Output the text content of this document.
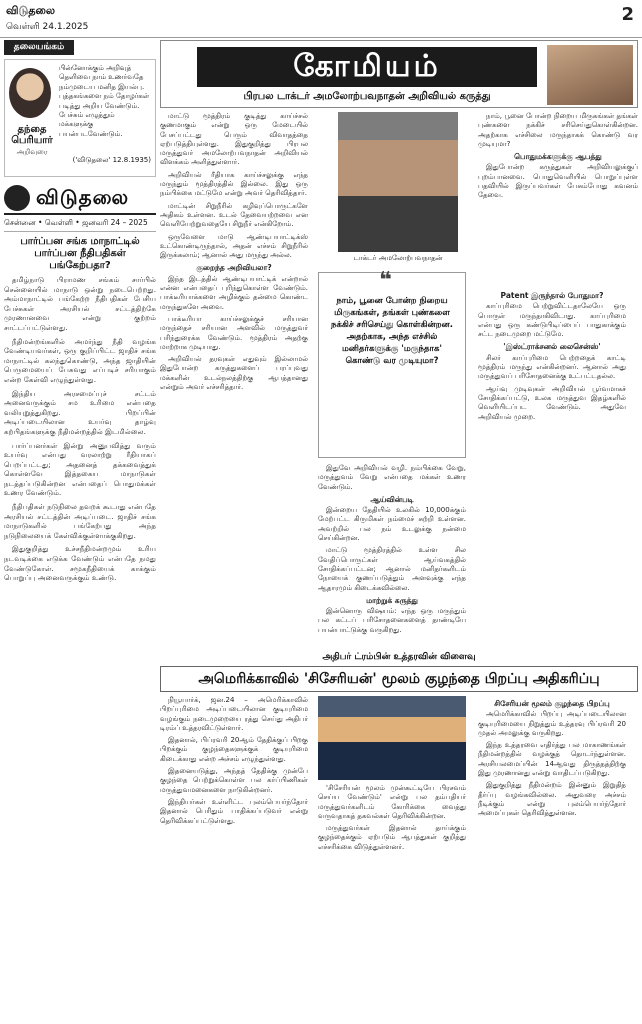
விடுதலை
வெள்ளி 24.1.2025
2
தலையங்கம்
தந்தை பெரியார்
அறிவுரை
பின்னோக்கும் அறிவுத் தெளிவை நாம் உணர்வதே நம்முடைய மனித இயல்பு. புத்தகங்களை நம் தோழர்கள் படித்து அறிய வேண்டும். பேச்சும் எழுத்தும் மக்களுக்கு பயன்படவேண்டும்.
('விடுதலை' 12.8.1935)
விடுதலை
சென்னை • வெள்ளி • ஜனவரி 24 – 2025
பார்ப்பன சங்க மாநாட்டில் பார்ப்பன நீதிபதிகள் பங்கேற்பதா?

தமிழ்நாடு பிராமண சங்கம் சார்பில் சென்னையில் மாநாடு ஒன்று நடைபெற்றது. அம்மாநாட்டில் பங்கேற்ற நீதிபதிகள் பேசிய பேச்சுகள் அரசியல் சட்டத்திற்கே முரணானவை என்று குற்றம் சாட்டப்பட்டுள்ளது.

நீதிமன்றங்களில் அமர்ந்து நீதி வழங்க வேண்டியவர்கள், ஒரு குறிப்பிட்ட ஜாதிச் சங்க மாநாட்டில் கலந்துகொண்டு, அந்த ஜாதியின் பெருமையைப் பேசுவது எப்படிச் சரியாகும் என்ற கேள்வி எழுந்துள்ளது.

இந்திய அரசமைப்புச் சட்டம் அனைவருக்கும் சம உரிமை என்பதை வலியுறுத்துகிறது. பிறப்பின் அடிப்படையிலான உயர்வு தாழ்வு கற்பிதங்களுக்கு நீதிமன்றத்தில் இடமில்லை.

பார்ப்பனர்கள் இன்று அனுபவித்து வரும் உயர்வு என்பது வரலாற்று ரீதியாகப் பெறப்பட்டது; அதனைத் தக்கவைத்துக் கொள்ளவே இத்தகைய மாநாடுகள் நடத்தப்படுகின்றன என்பதைப் பொதுமக்கள் உணர வேண்டும்.

நீதிபதிகள் நடுநிலை தவறக் கூடாது என்பதே அரசியல் சட்டத்தின் அடிப்படை. ஜாதிச் சங்க மாநாடுகளில் பங்கேற்பது அந்த நடுநிலையைக் கேள்விக்குள்ளாக்குகிறது.

இதுகுறித்து உச்சநீதிமன்றமும் உரிய நடவடிக்கை எடுக்க வேண்டும் என்பதே நமது வேண்டுகோள். சமூகநீதியைக் காக்கும் பொறுப்பு அனைவருக்கும் உண்டு.

கோமியம்
பிரபல டாக்டர் அமலோற்பவநாதன் அறிவியல் கருத்து

மாட்டு மூத்திரம் குடித்து காய்ச்சல் குணமாகும் என்று ஒரு மேடையில் பேசப்பட்டது பெரும் விவாதத்தை ஏற்படுத்தியுள்ளது. இதுகுறித்து பிரபல மருத்துவர் அமலோற்பவநாதன் அறிவியல் விளக்கம் அளித்துள்ளார்.

அறிவியல் ரீதியாக காய்ச்சலுக்கு எந்த மருந்தும் மூத்திரத்தில் இல்லை. இது ஒரு நம்பிக்கை மட்டுமே என்று அவர் தெரிவித்தார்.

மாட்டின் சிறுநீரில் கழிவுப்பொருட்களே அதிகம் உள்ளன. உடல் தேவையற்றவை என வெளியேற்றுவதையே சிறுநீர் என்கிறோம்.

ஒருவேளை மாடு ஆண்டிபயாட்டிக்ஸ் உட்கொண்டிருந்தால், அதன் எச்சம் சிறுநீரில் இருக்கலாம்; ஆனால் அது மருந்து அல்ல.

குறைந்த அறிவியலா?

இந்த இடத்தில் ஆண்டிபயாட்டிக் என்றால் என்ன என்பதைப் புரிந்துகொள்ள வேண்டும். பாக்டீரியாக்களை அழிக்கும் தன்மை கொண்ட மருந்துகளே அவை.

பாக்டீரியா காய்ச்சலுக்குச் சரியான மருந்தைச் சரியான அளவில் மருத்துவர் பரிந்துரைக்க வேண்டும். மூத்திரம் அதற்கு மாற்றாக முடியாது.

அறிவியல் தரவுகள் எதுவும் இல்லாமல் இதுபோன்ற கருத்துகளைப் பரப்புவது மக்களின் உடல்நலத்திற்கு ஆபத்தானது என்றும் அவர் எச்சரித்தார்.

டாக்டர் அமலோற்பவநாதன்
❝
நாம், பூனை போன்ற நிறைய மிருகங்கள், தங்கள் புண்களை நக்கிச் சரிசெய்து கொள்கின்றன. அதற்காக, அந்த எச்சில் மனிதர்களுக்கு 'மருந்தாக' கொண்டு வர முடியுமா?

இதுவே அறிவியல் வழி. நம்பிக்கை வேறு, மருத்துவம் வேறு என்பதை மக்கள் உணர வேண்டும்.

ஆய்வின்படி

இன்றைய தேதியில் உலகில் 10,000க்கும் மேற்பட்ட கிருமிகள் நம்மைச் சுற்றி உள்ளன. அவற்றில் பல நம் உடலுக்கு நன்மை செய்கின்றன.

மாட்டு மூத்திரத்தில் உள்ள சில வேதிப்பொருட்கள் ஆய்வகத்தில் சோதிக்கப்பட்டன; ஆனால் மனிதர்களிடம் நோயைக் குணப்படுத்தும் அளவுக்கு எந்த ஆதாரமும் கிடைக்கவில்லை.

மாற்றுக் கருத்து

இன்னொரு விஷயம்: எந்த ஒரு மருந்தும் பல கட்டப் பரிசோதனைகளைத் தாண்டியே பயன்பாட்டுக்கு வருகிறது.

நாம், பூனை போன்ற நிறைய மிருகங்கள் தங்கள் புண்களை நக்கிச் சரிசெய்துகொள்கின்றன. அதற்காக எச்சிலை மருந்தாகக் கொண்டு வர முடியுமா?

பொதுமக்களுக்கு ஆபத்து

இதுபோன்ற கருத்துகள் அறிவியலுக்குப் புறம்பானவை. பொதுவெளியில் பொறுப்புள்ள பதவியில் இருப்பவர்கள் பேசும்போது கவனம் தேவை.

Patent இருந்தால் போதுமா?

காப்புரிமை பெற்றுவிட்டதாலேயே ஒரு பொருள் மருந்தாகிவிடாது. காப்புரிமை என்பது ஒரு கண்டுபிடிப்பைப் பாதுகாக்கும் சட்ட நடைமுறை மட்டுமே.

'இஸ்ட்ராக்சனல் லைசென்ஸ்'

சிலர் காப்புரிமை பெற்றதைக் காட்டி மூத்திரம் மருந்து என்கின்றனர். ஆனால் அது மருத்துவப் பரிசோதனைக்கு உட்பட்டதல்ல.

ஆய்வு முடிவுகள் அறிவியல் பூர்வமாகச் சோதிக்கப்பட்டு, உலக மருத்துவ இதழ்களில் வெளியிடப்பட வேண்டும். அதுவே அறிவியல் முறை.

அதிபர் ட்ரம்பின் உத்தரவின் விளைவு
அமெரிக்காவில் 'சிசேரியன்' மூலம் குழந்தை பிறப்பு அதிகரிப்பு

நியூயார்க், ஜன.24 – அமெரிக்காவில் பிறப்புரிமை அடிப்படையிலான குடியுரிமை வழங்கும் நடைமுறையை ரத்து செய்து அதிபர் டிரம்ப் உத்தரவிட்டுள்ளார்.

இதனால், பிப்ரவரி 20ஆம் தேதிக்குப் பிறகு பிறக்கும் குழந்தைகளுக்குக் குடியுரிமை கிடைக்காது என்ற அச்சம் எழுந்துள்ளது.

இதனையடுத்து, அந்தத் தேதிக்கு முன்பே குழந்தை பெற்றுக்கொள்ள பல கர்ப்பிணிகள் மருத்துவமனைகளை நாடுகின்றனர்.

இந்தியர்கள் உள்ளிட்ட புலம்பெயர்ந்தோர் இதனால் பெரிதும் பாதிக்கப்படுவர் என்று தெரிவிக்கப்பட்டுள்ளது.

'சிசேரியன் மூலம் முன்கூட்டியே பிரசவம் செய்ய வேண்டும்' என்று பல தம்பதியர் மருத்துவர்களிடம் கோரிக்கை வைத்து வருவதாகத் தகவல்கள் தெரிவிக்கின்றன.

மருத்துவர்கள் இதனால் தாய்க்கும் குழந்தைக்கும் ஏற்படும் ஆபத்துகள் குறித்து எச்சரிக்கை விடுத்துள்ளனர்.

சிசேரியன் மூலம் குழந்தை பிறப்பு

அமெரிக்காவில் பிறப்பு அடிப்படையிலான குடியுரிமையை நிறுத்தும் உத்தரவு பிப்ரவரி 20 முதல் அமலுக்கு வருகிறது.

இந்த உத்தரவை எதிர்த்து பல மாகாணங்கள் நீதிமன்றத்தில் வழக்குத் தொடர்ந்துள்ளன. அரசியலமைப்பின் 14ஆவது திருத்தத்திற்கு இது முரணானது என்று வாதிடப்படுகிறது.

இதுகுறித்து நீதிமன்றம் இன்னும் இறுதித் தீர்ப்பு வழங்கவில்லை. அதுவரை அச்சம் நீடிக்கும் என்று புலம்பெயர்ந்தோர் அமைப்புகள் தெரிவித்துள்ளன.
